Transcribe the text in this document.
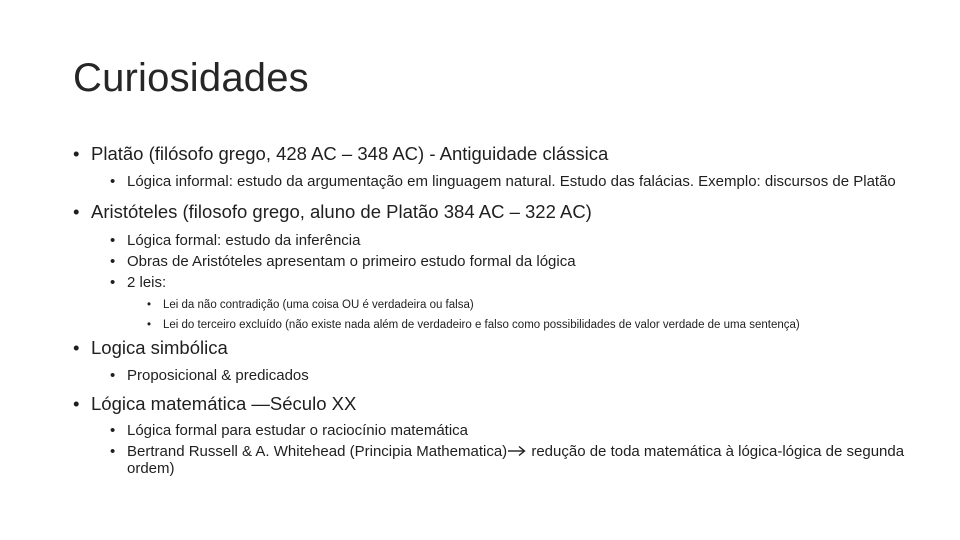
Curiosidades
• Platão (filósofo grego, 428 AC – 348 AC) - Antiguidade clássica
• Lógica informal: estudo da argumentação em linguagem natural. Estudo das falácias. Exemplo: discursos de Platão
• Aristóteles (filosofo grego, aluno de Platão 384 AC – 322 AC)
• Lógica formal: estudo da inferência
• Obras de Aristóteles apresentam o primeiro estudo formal da lógica
• 2 leis:
• Lei da não contradição (uma coisa OU é verdadeira ou falsa)
• Lei do terceiro excluído (não existe nada além de verdadeiro e falso como possibilidades de valor verdade de uma sentença)
• Logica simbólica
• Proposicional & predicados
• Lógica matemática —Século XX
• Lógica formal para estudar o raciocínio matemática
• Bertrand Russell & A. Whitehead (Principia Mathematica) redução de toda matemática à lógica-lógica de segunda ordem)
